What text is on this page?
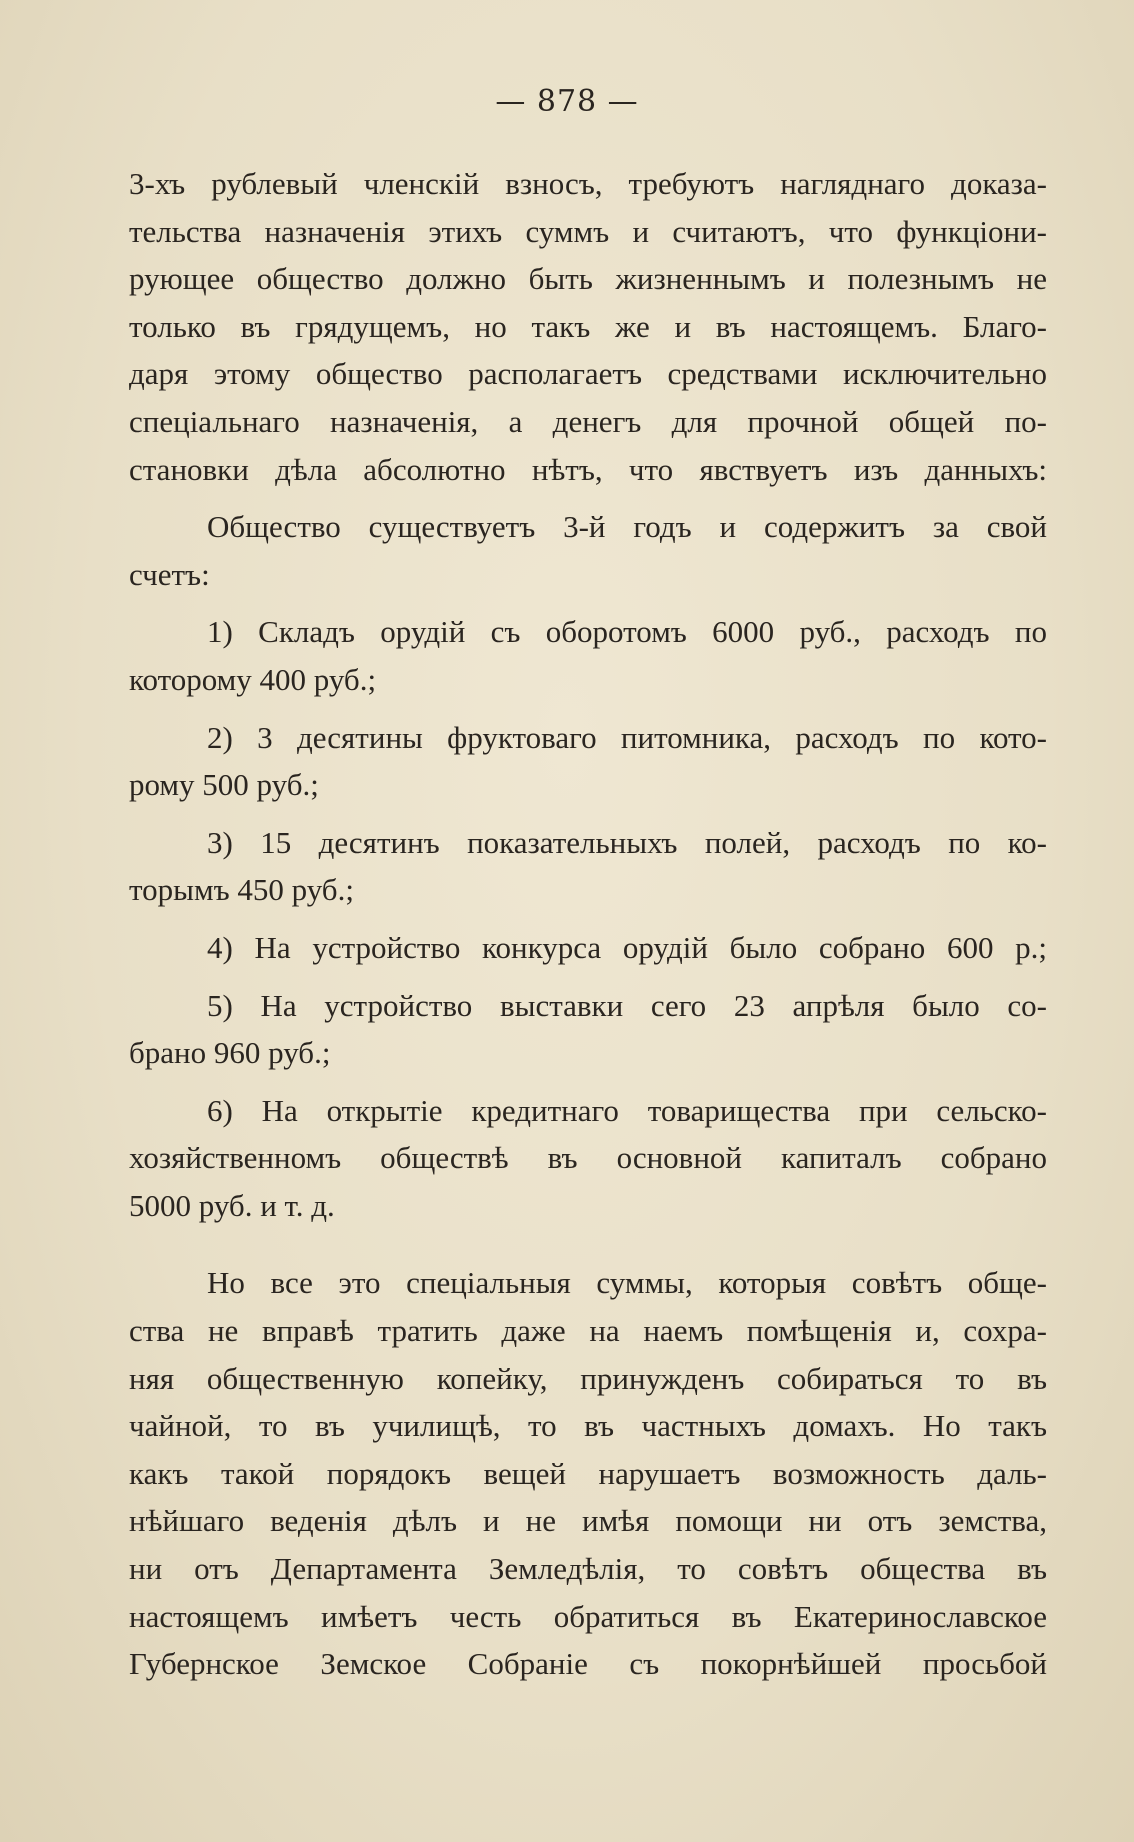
— 878 —
3-хъ рублевый членскій взносъ, требуютъ нагляднаго доказа-
тельства назначенія этихъ суммъ и считаютъ, что функціони-
рующее общество должно быть жизненнымъ и полезнымъ не
только въ грядущемъ, но такъ же и въ настоящемъ. Благо-
даря этому общество располагаетъ средствами исключительно
спеціальнаго назначенія, а денегъ для прочной общей по-
становки дѣла абсолютно нѣтъ, что явствуетъ изъ данныхъ:
Общество существуетъ 3-й годъ и содержитъ за свой
счетъ:
1) Складъ орудій съ оборотомъ 6000 руб., расходъ по
которому 400 руб.;
2) 3 десятины фруктоваго питомника, расходъ по кото-
рому 500 руб.;
3) 15 десятинъ показательныхъ полей, расходъ по ко-
торымъ 450 руб.;
4) На устройство конкурса орудій было собрано 600 р.;
5) На устройство выставки сего 23 апрѣля было со-
брано 960 руб.;
6) На открытіе кредитнаго товарищества при сельско-
хозяйственномъ обществѣ въ основной капиталъ собрано
5000 руб. и т. д.
Но все это спеціальныя суммы, которыя совѣтъ обще-
ства не вправѣ тратить даже на наемъ помѣщенія и, сохра-
няя общественную копейку, принужденъ собираться то въ
чайной, то въ училищѣ, то въ частныхъ домахъ. Но такъ
какъ такой порядокъ вещей нарушаетъ возможность даль-
нѣйшаго веденія дѣлъ и не имѣя помощи ни отъ земства,
ни отъ Департамента Земледѣлія, то совѣтъ общества въ
настоящемъ имѣетъ честь обратиться въ Екатеринославское
Губернское Земское Собраніе съ покорнѣйшей просьбой
